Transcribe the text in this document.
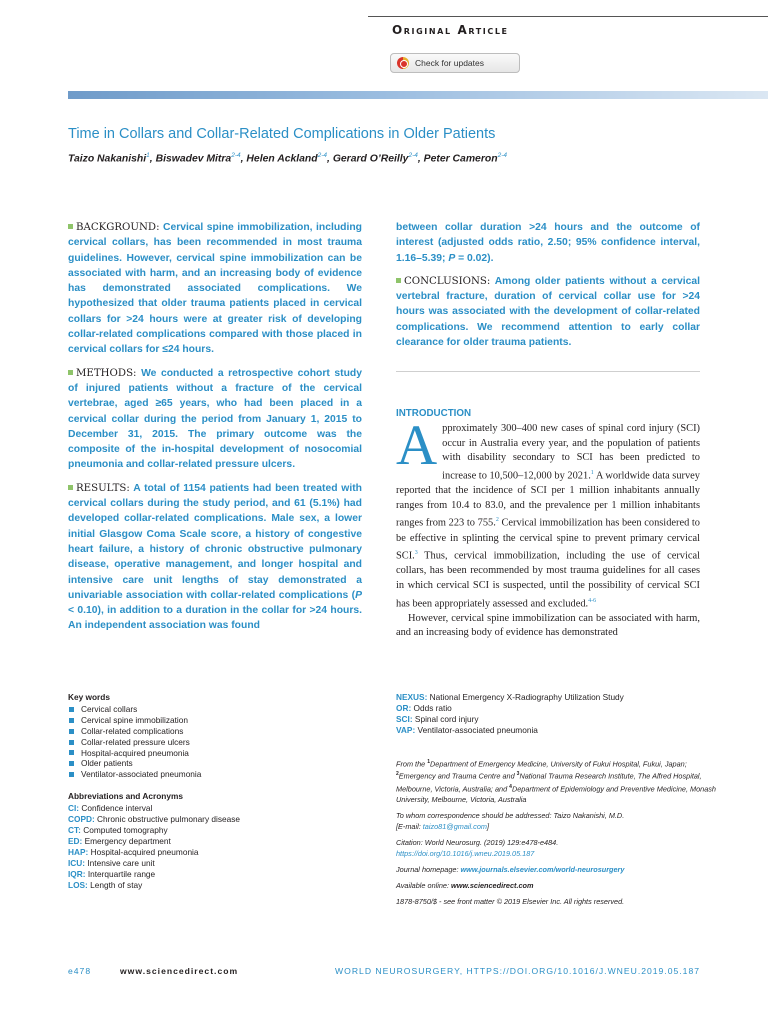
Original Article
Check for updates
Time in Collars and Collar-Related Complications in Older Patients
Taizo Nakanishi$^1$, Biswadev Mitra$^{2-4}$, Helen Ackland$^{2-4}$, Gerard O’Reilly$^{2-4}$, Peter Cameron$^{2-4}$

BACKGROUND: Cervical spine immobilization, including cervical collars, has been recommended in most trauma guidelines. However, cervical spine immobilization can be associated with harm, and an increasing body of evidence has demonstrated associated complications. We hypothesized that older trauma patients placed in cervical collars for >24 hours were at greater risk of developing collar-related complications compared with those placed in cervical collars for ≤24 hours.

METHODS: We conducted a retrospective cohort study of injured patients without a fracture of the cervical vertebrae, aged ≥65 years, who had been placed in a cervical collar during the period from January 1, 2015 to December 31, 2015. The primary outcome was the composite of the in-hospital development of nosocomial pneumonia and collar-related pressure ulcers.

RESULTS: A total of 1154 patients had been treated with cervical collars during the study period, and 61 (5.1%) had developed collar-related complications. Male sex, a lower initial Glasgow Coma Scale score, a history of congestive heart failure, a history of chronic obstructive pulmonary disease, operative management, and longer hospital and intensive care unit lengths of stay demonstrated a univariable association with collar-related complications (P < 0.10), in addition to a duration in the collar for >24 hours. An independent association was found

between collar duration >24 hours and the outcome of interest (adjusted odds ratio, 2.50; 95% confidence interval, 1.16–5.39; P = 0.02).

CONCLUSIONS: Among older patients without a cervical vertebral fracture, duration of cervical collar use for >24 hours was associated with the development of collar-related complications. We recommend attention to early collar clearance for older trauma patients.

INTRODUCTION

Approximately 300–400 new cases of spinal cord injury (SCI) occur in Australia every year, and the population of patients with disability secondary to SCI has been predicted to increase to 10,500–12,000 by 2021.$^1$ A worldwide data survey reported that the incidence of SCI per 1 million inhabitants annually ranges from 10.4 to 83.0, and the prevalence per 1 million inhabitants ranges from 223 to 755.$^2$ Cervical immobilization has been considered to be effective in splinting the cervical spine to prevent primary cervical SCI.$^3$ Thus, cervical immobilization, including the use of cervical collars, has been recommended by most trauma guidelines for all cases in which cervical SCI is suspected, until the possibility of cervical SCI has been appropriately assessed and excluded.$^{4-6}$

However, cervical spine immobilization can be associated with harm, and an increasing body of evidence has demonstrated

Key words
Cervical collars
Cervical spine immobilization
Collar-related complications
Collar-related pressure ulcers
Hospital-acquired pneumonia
Older patients
Ventilator-associated pneumonia
Abbreviations and Acronyms
CI: Confidence interval
COPD: Chronic obstructive pulmonary disease
CT: Computed tomography
ED: Emergency department
HAP: Hospital-acquired pneumonia
ICU: Intensive care unit
IQR: Interquartile range
LOS: Length of stay
NEXUS: National Emergency X-Radiography Utilization Study
OR: Odds ratio
SCI: Spinal cord injury
VAP: Ventilator-associated pneumonia

From the $^1$Department of Emergency Medicine, University of Fukui Hospital, Fukui, Japan; $^2$Emergency and Trauma Centre and $^3$National Trauma Research Institute, The Alfred Hospital, Melbourne, Victoria, Australia; and $^4$Department of Epidemiology and Preventive Medicine, Monash University, Melbourne, Victoria, Australia

To whom correspondence should be addressed: Taizo Nakanishi, M.D.
[E-mail: taizo81@gmail.com]

Citation: World Neurosurg. (2019) 129:e478-e484.
https://doi.org/10.1016/j.wneu.2019.05.187

Journal homepage: www.journals.elsevier.com/world-neurosurgery

Available online: www.sciencedirect.com

1878-8750/$ - see front matter © 2019 Elsevier Inc. All rights reserved.

e478	www.sciencedirect.com	WORLD NEUROSURGERY, HTTPS://DOI.ORG/10.1016/J.WNEU.2019.05.187
